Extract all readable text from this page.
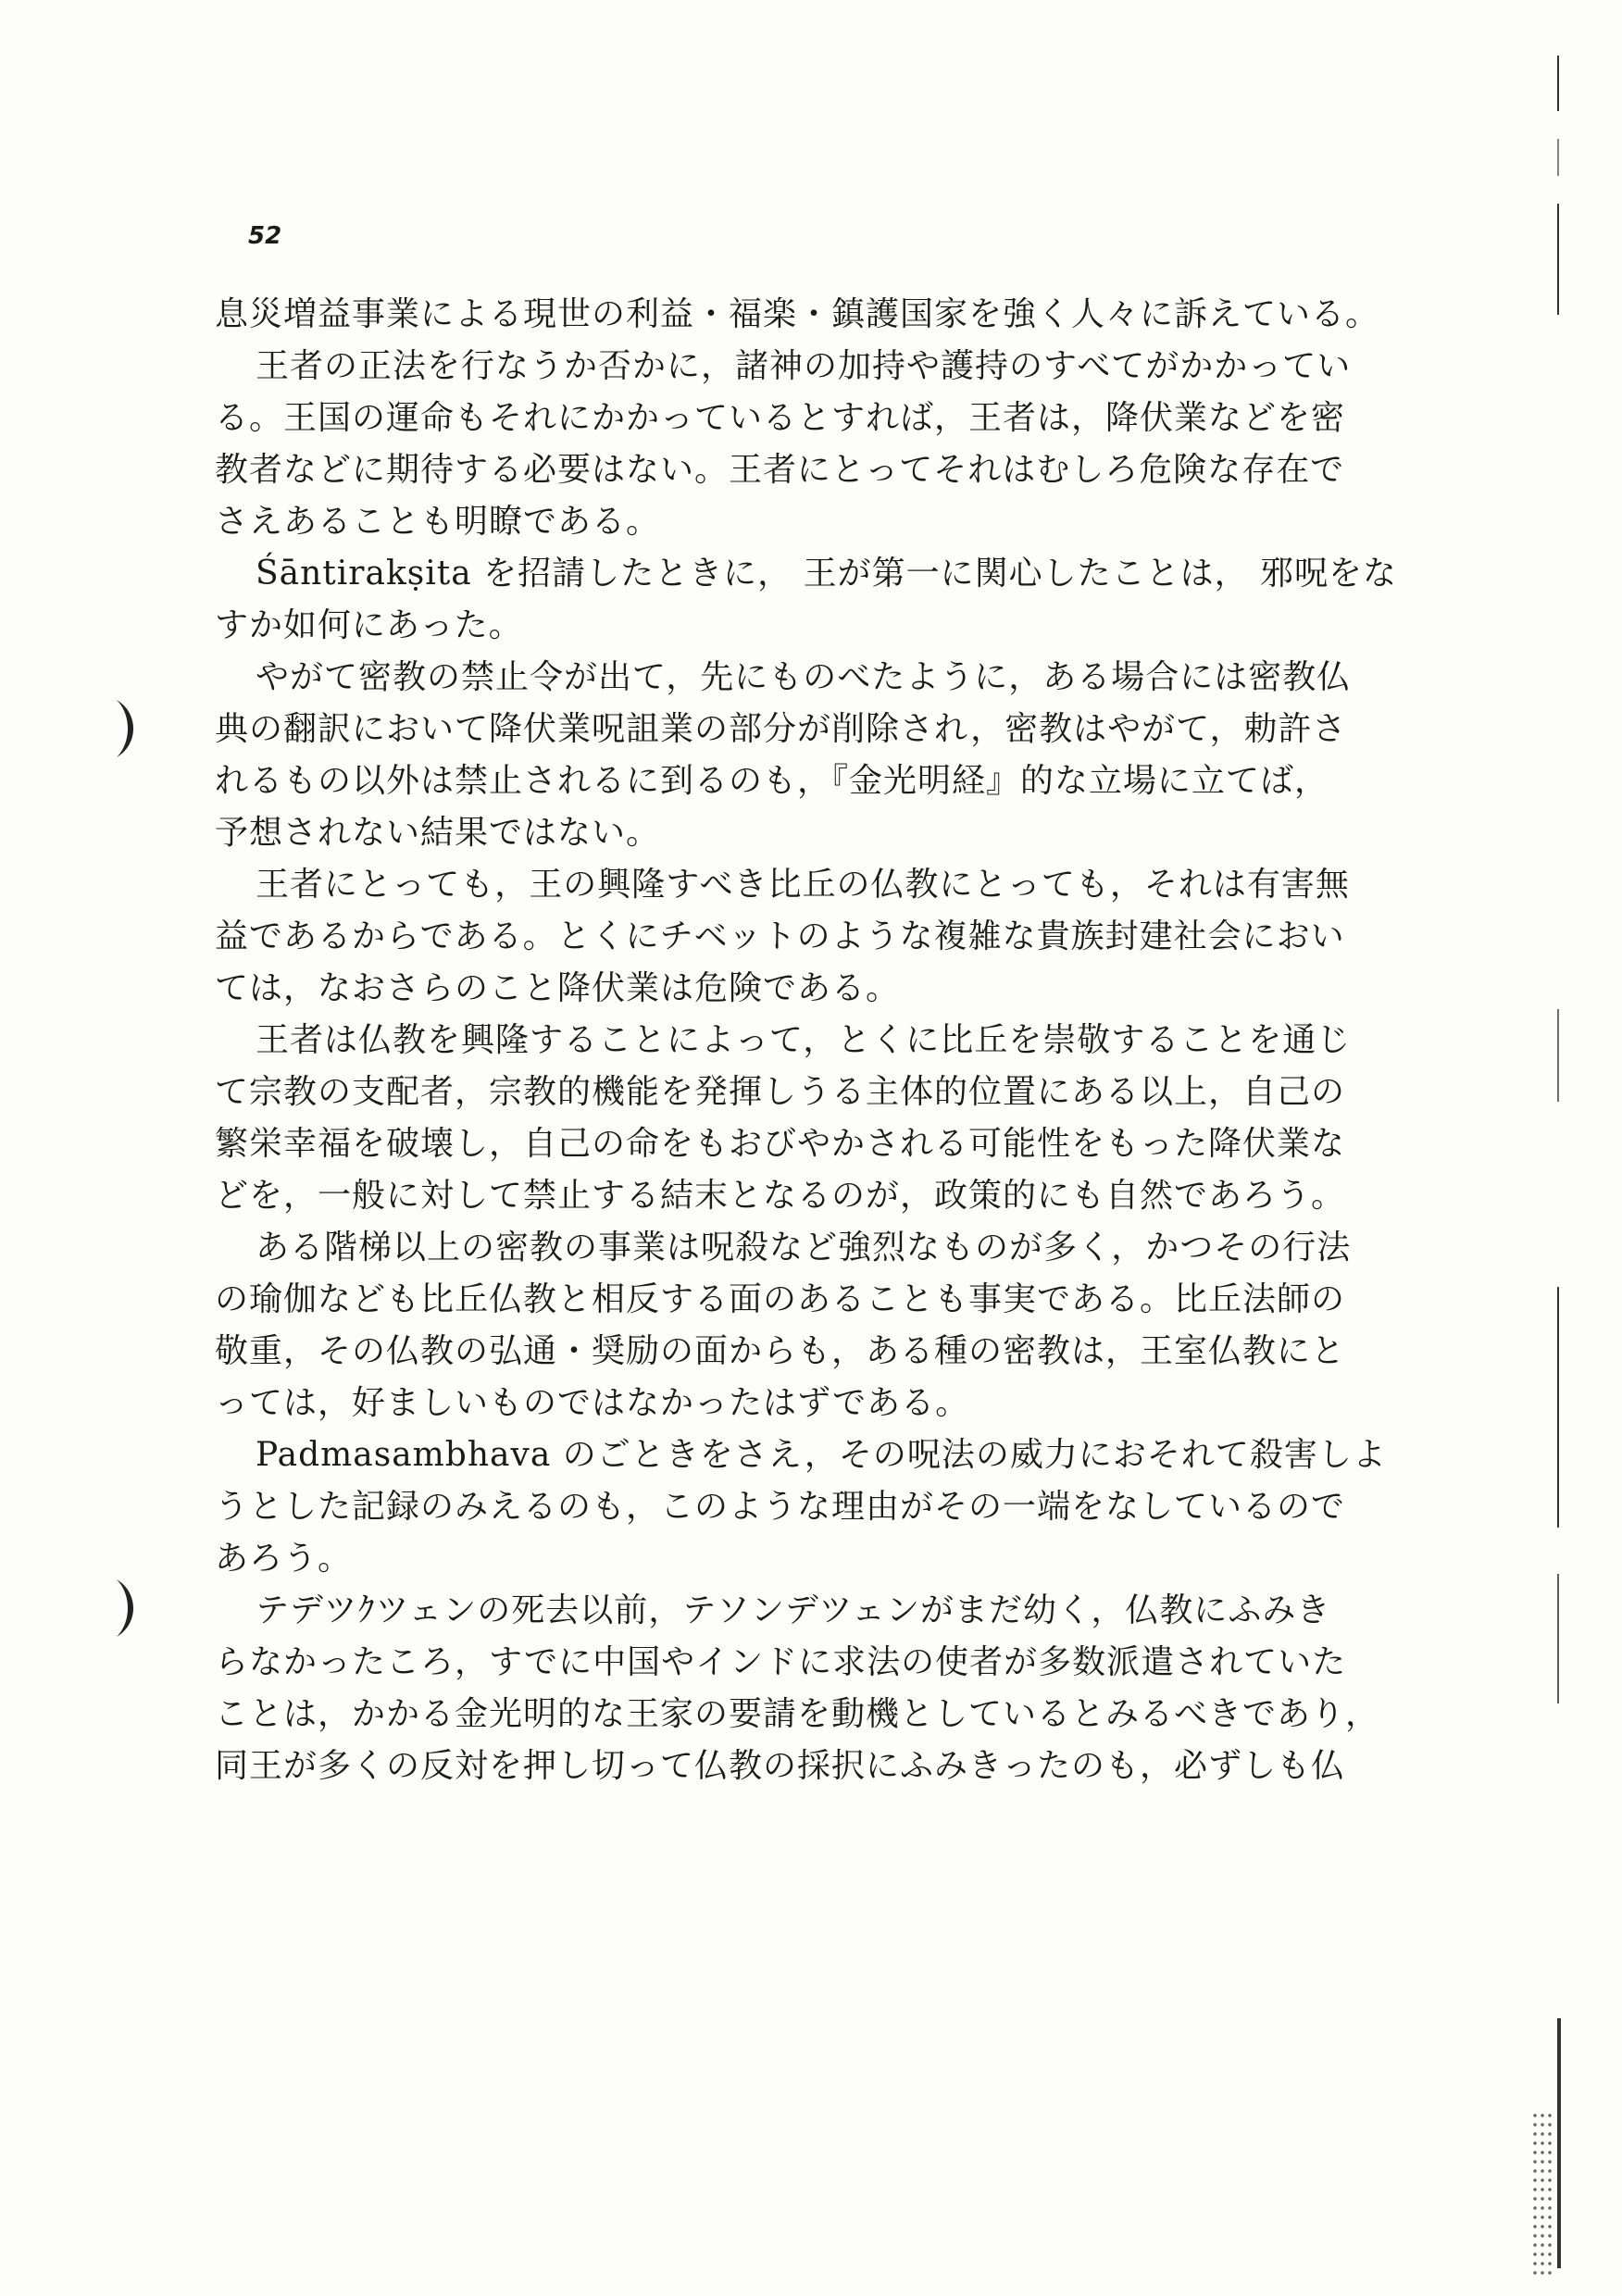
52
息災増益事業による現世の利益・福楽・鎮護国家を強く人々に訴えている。
王者の正法を行なうか否かに，諸神の加持や護持のすべてがかかってい
る。王国の運命もそれにかかっているとすれば，王者は，降伏業などを密
教者などに期待する必要はない。王者にとってそれはむしろ危険な存在で
さえあることも明瞭である。
Śāntirakṣita を招請したときに， 王が第一に関心したことは， 邪呪をな
すか如何にあった。
やがて密教の禁止令が出て，先にものべたように，ある場合には密教仏
典の翻訳において降伏業呪詛業の部分が削除され，密教はやがて，勅許さ
れるもの以外は禁止されるに到るのも，『金光明経』的な立場に立てば，
予想されない結果ではない。
王者にとっても，王の興隆すべき比丘の仏教にとっても，それは有害無
益であるからである。とくにチベットのような複雑な貴族封建社会におい
ては，なおさらのこと降伏業は危険である。
王者は仏教を興隆することによって，とくに比丘を崇敬することを通じ
て宗教の支配者，宗教的機能を発揮しうる主体的位置にある以上，自己の
繁栄幸福を破壊し，自己の命をもおびやかされる可能性をもった降伏業な
どを，一般に対して禁止する結末となるのが，政策的にも自然であろう。
ある階梯以上の密教の事業は呪殺など強烈なものが多く，かつその行法
の瑜伽なども比丘仏教と相反する面のあることも事実である。比丘法師の
敬重，その仏教の弘通・奨励の面からも，ある種の密教は，王室仏教にと
っては，好ましいものではなかったはずである。
Padmasambhava のごときをさえ，その呪法の威力におそれて殺害しよ
うとした記録のみえるのも，このような理由がその一端をなしているので
あろう。
テデツｸツェンの死去以前，テソンデツェンがまだ幼く，仏教にふみき
らなかったころ，すでに中国やインドに求法の使者が多数派遣されていた
ことは，かかる金光明的な王家の要請を動機としているとみるべきであり，
同王が多くの反対を押し切って仏教の採択にふみきったのも，必ずしも仏
